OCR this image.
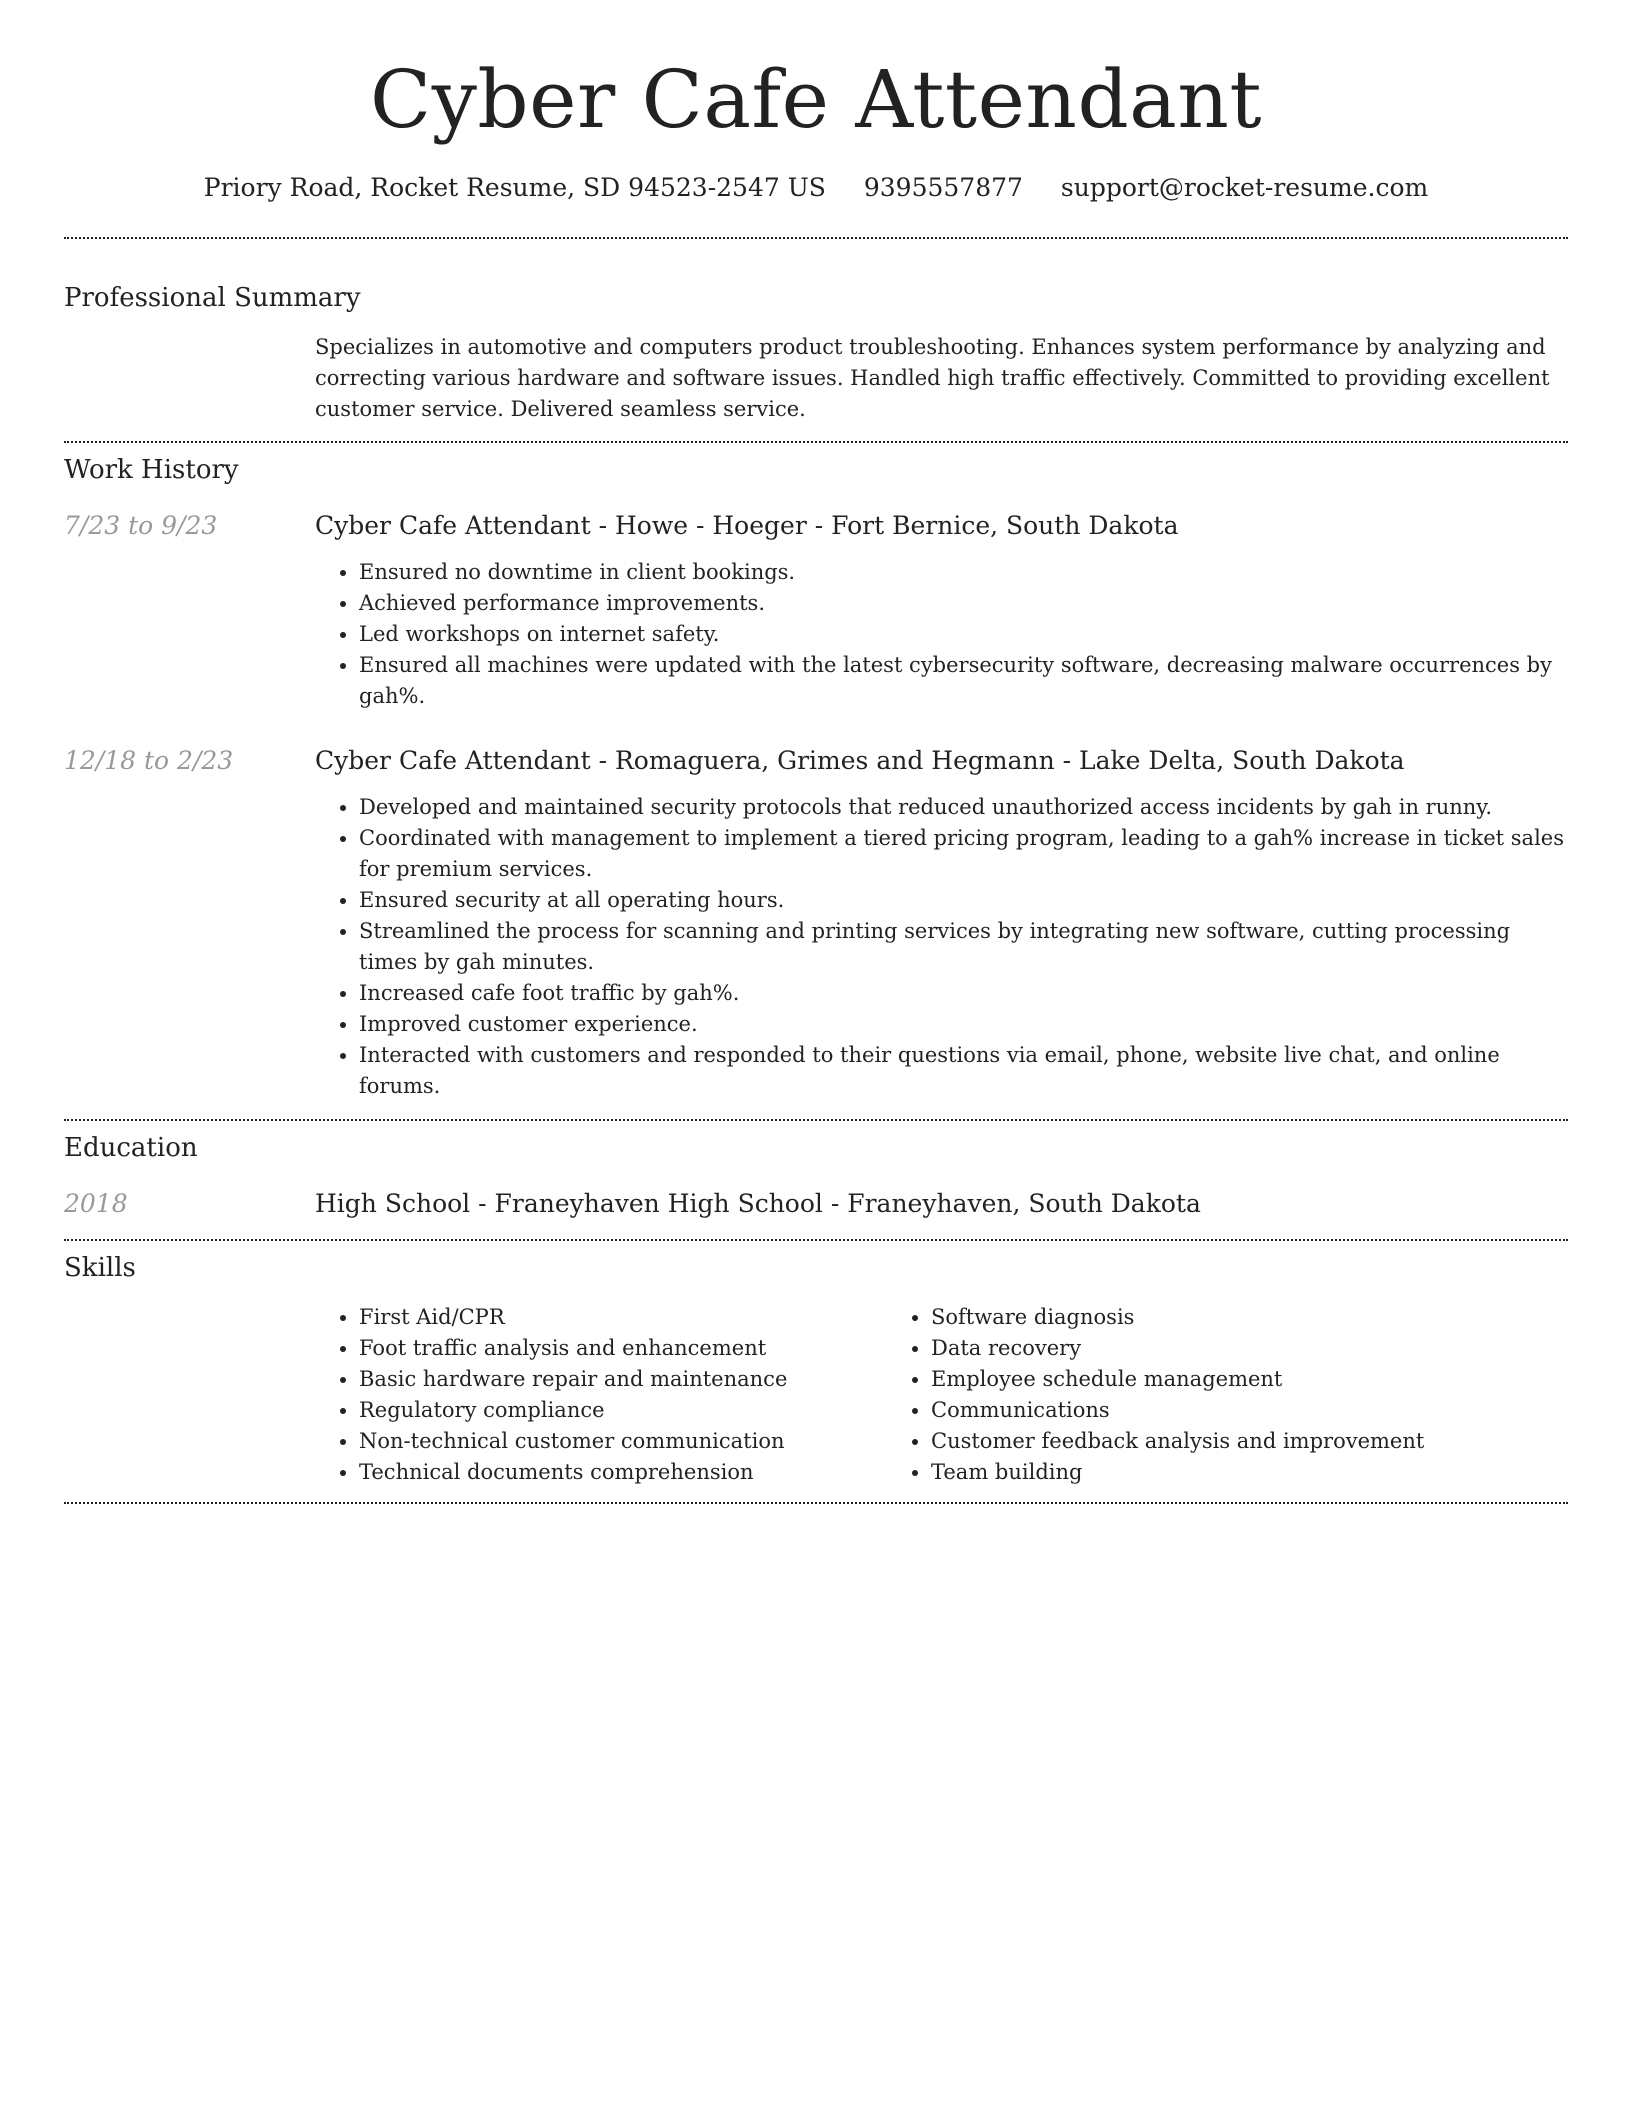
Cyber Cafe Attendant
Priory Road, Rocket Resume, SD 94523-2547 US 9395557877 support@rocket-resume.com
Professional Summary

Specializes in automotive and computers product troubleshooting. Enhances system performance by analyzing and correcting various hardware and software issues. Handled high traffic effectively. Committed to providing excellent customer service. Delivered seamless service.

Work History
7/23 to 9/23	Cyber Cafe Attendant - Howe - Hoeger - Fort Bernice, South Dakota

• Ensured no downtime in client bookings.
• Achieved performance improvements.
• Led workshops on internet safety.
• Ensured all machines were updated with the latest cybersecurity software, decreasing malware occurrences by gah%.
12/18 to 2/23	Cyber Cafe Attendant - Romaguera, Grimes and Hegmann - Lake Delta, South Dakota

• Developed and maintained security protocols that reduced unauthorized access incidents by gah in runny.
• Coordinated with management to implement a tiered pricing program, leading to a gah% increase in ticket sales for premium services.
• Ensured security at all operating hours.
• Streamlined the process for scanning and printing services by integrating new software, cutting processing times by gah minutes.
• Increased cafe foot traffic by gah%.
• Improved customer experience.
• Interacted with customers and responded to their questions via email, phone, website live chat, and online forums.
Education
2018	High School - Franeyhaven High School - Franeyhaven, South Dakota

Skills
• First Aid/CPR
• Foot traffic analysis and enhancement
• Basic hardware repair and maintenance
• Regulatory compliance
• Non-technical customer communication
• Technical documents comprehension
• Software diagnosis
• Data recovery
• Employee schedule management
• Communications
• Customer feedback analysis and improvement
• Team building
